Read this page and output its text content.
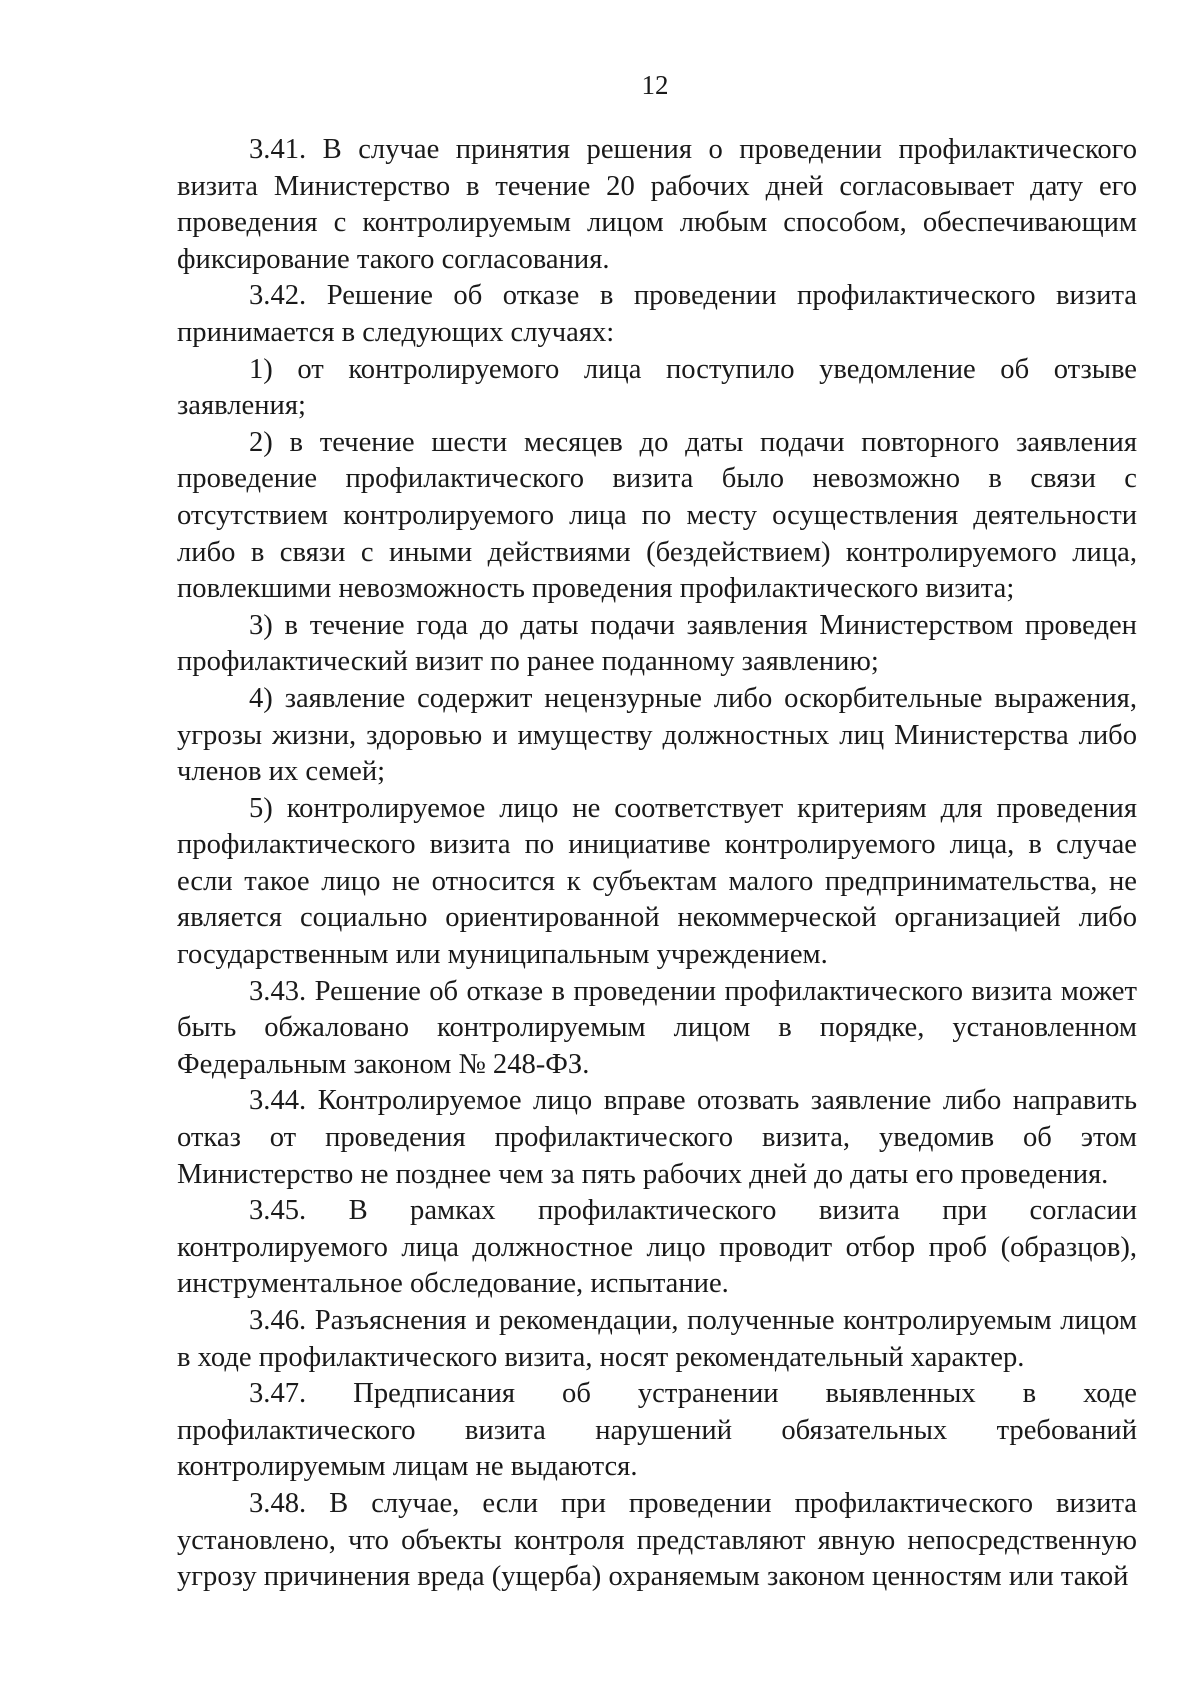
12

3.41. В случае принятия решения о проведении профилактического визита Министерство в течение 20 рабочих дней согласовывает дату его проведения с контролируемым лицом любым способом, обеспечивающим фиксирование такого согласования.

3.42. Решение об отказе в проведении профилактического визита принимается в следующих случаях:

1) от контролируемого лица поступило уведомление об отзыве заявления;

2) в течение шести месяцев до даты подачи повторного заявления проведение профилактического визита было невозможно в связи с отсутствием контролируемого лица по месту осуществления деятельности либо в связи с иными действиями (бездействием) контролируемого лица, повлекшими невозможность проведения профилактического визита;

3) в течение года до даты подачи заявления Министерством проведен профилактический визит по ранее поданному заявлению;

4) заявление содержит нецензурные либо оскорбительные выражения, угрозы жизни, здоровью и имуществу должностных лиц Министерства либо членов их семей;

5) контролируемое лицо не соответствует критериям для проведения профилактического визита по инициативе контролируемого лица, в случае если такое лицо не относится к субъектам малого предпринимательства, не является социально ориентированной некоммерческой организацией либо государственным или муниципальным учреждением.

3.43. Решение об отказе в проведении профилактического визита может быть обжаловано контролируемым лицом в порядке, установленном Федеральным законом № 248-ФЗ.

3.44. Контролируемое лицо вправе отозвать заявление либо направить отказ от проведения профилактического визита, уведомив об этом Министерство не позднее чем за пять рабочих дней до даты его проведения.

3.45. В рамках профилактического визита при согласии контролируемого лица должностное лицо проводит отбор проб (образцов), инструментальное обследование, испытание.

3.46. Разъяснения и рекомендации, полученные контролируемым лицом в ходе профилактического визита, носят рекомендательный характер.

3.47. Предписания об устранении выявленных в ходе профилактического визита нарушений обязательных требований контролируемым лицам не выдаются.

3.48. В случае, если при проведении профилактического визита установлено, что объекты контроля представляют явную непосредственную угрозу причинения вреда (ущерба) охраняемым законом ценностям или такой
